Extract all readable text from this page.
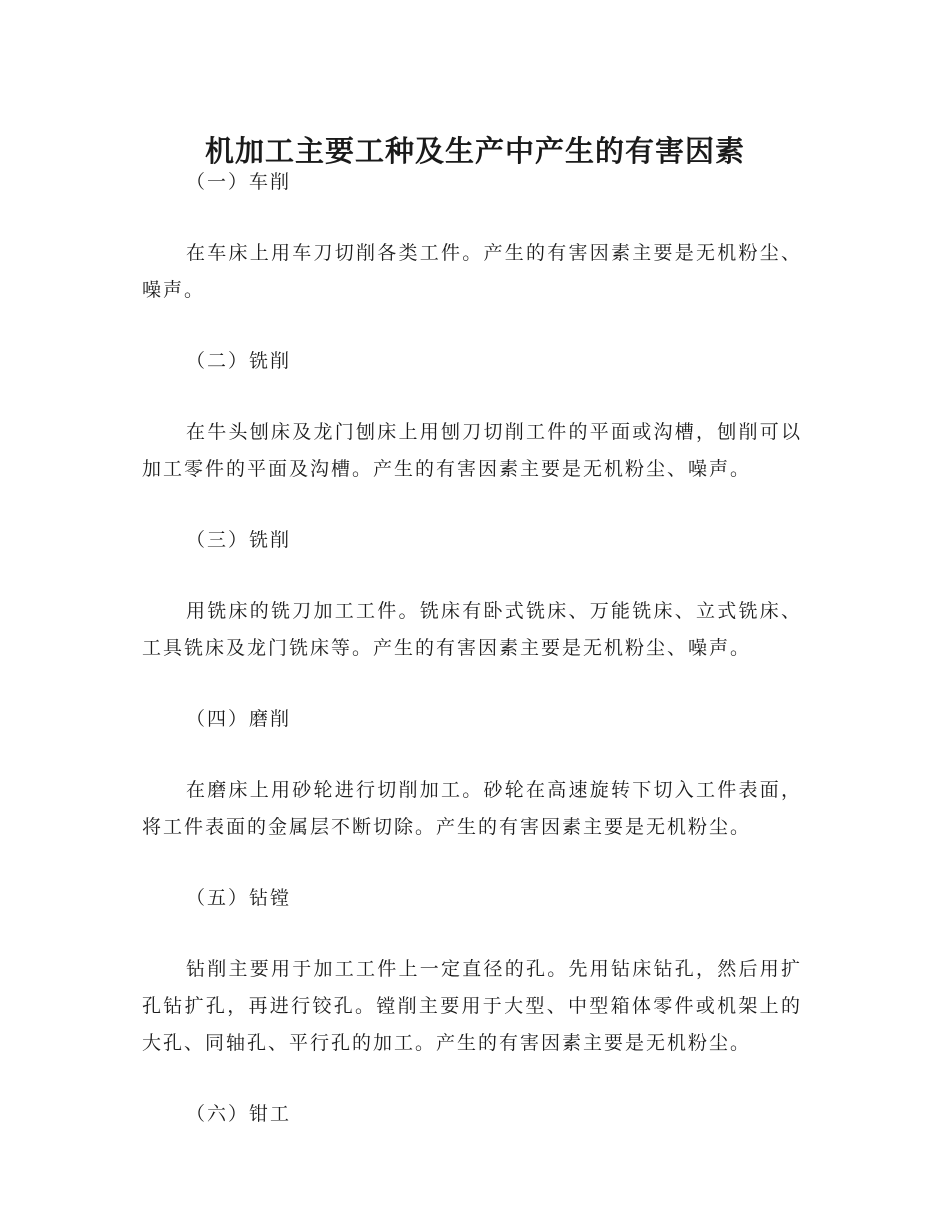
机加工主要工种及生产中产生的有害因素

（一）车削

在车床上用车刀切削各类工件。产生的有害因素主要是无机粉尘、噪声。

（二）铣削

在牛头刨床及龙门刨床上用刨刀切削工件的平面或沟槽，刨削可以加工零件的平面及沟槽。产生的有害因素主要是无机粉尘、噪声。

（三）铣削

用铣床的铣刀加工工件。铣床有卧式铣床、万能铣床、立式铣床、工具铣床及龙门铣床等。产生的有害因素主要是无机粉尘、噪声。

（四）磨削

在磨床上用砂轮进行切削加工。砂轮在高速旋转下切入工件表面，将工件表面的金属层不断切除。产生的有害因素主要是无机粉尘。

（五）钻镗

钻削主要用于加工工件上一定直径的孔。先用钻床钻孔，然后用扩孔钻扩孔，再进行铰孔。镗削主要用于大型、中型箱体零件或机架上的大孔、同轴孔、平行孔的加工。产生的有害因素主要是无机粉尘。

（六）钳工
